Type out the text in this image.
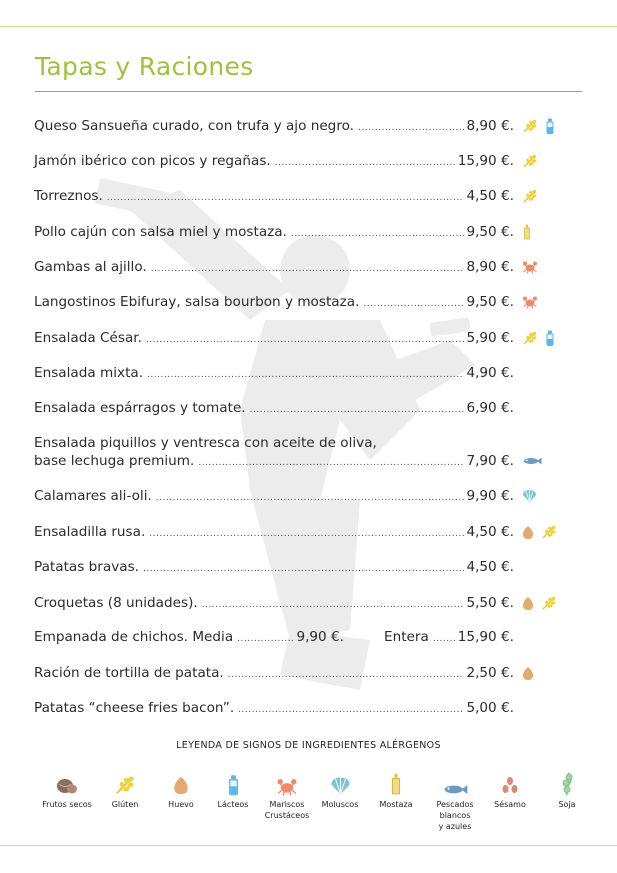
Tapas y Raciones
Queso Sansueña curado, con trufa y ajo negro. .....	8,90 €.
Jamón ibérico con picos y regañas. .....	15,90 €.
Torreznos. .....	4,50 €.
Pollo cajún con salsa miel y mostaza. .....	9,50 €.
Gambas al ajillo. .....	8,90 €.
Langostinos Ebifuray, salsa bourbon y mostaza. .....	9,50 €.
Ensalada César. .....	5,90 €.
Ensalada mixta. .....	4,90 €.
Ensalada espárragos y tomate. .....	6,90 €.
Ensalada piquillos y ventresca con aceite de oliva,
base lechuga premium. .....	7,90 €.
Calamares ali-oli. .....	9,90 €.
Ensaladilla rusa. .....	4,50 €.
Patatas bravas. .....	4,50 €.
Croquetas (8 unidades). .....	5,50 €.
Empanada de chichos. Media .....	9,90 €.	Entera ..... 15,90 €.
Ración de tortilla de patata. .....	2,50 €.
Patatas “cheese fries bacon”. .....	5,00 €.
LEYENDA DE SIGNOS DE INGREDIENTES ALÉRGENOS
Frutos secos	Glúten	Huevo	Lácteos	Mariscos
Crustáceos
Moluscos	Mostaza	Pescados
blancos
y azules
Sésamo	Soja
